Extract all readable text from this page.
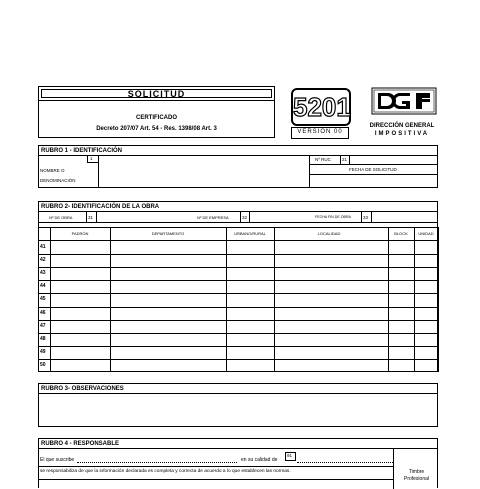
SOLICITUD
CERTIFICADO
Decreto 207/07 Art. 54 - Res. 1398/08 Art. 3
5201
VERSIÓN 00
DIRECCIÓN GENERAL
IMPOSITIVA
RUBRO 1 - IDENTIFICACIÓN
NOMBRE O
DENOMINACIÓN
1	Nº RUC 21
FECHA DE SOLICITUD
RUBRO 2- IDENTIFICACIÓN DE LA OBRA
Nº DE OBRA	31	Nº DE EMPRESA	32	FECHA FIN DE OBRA	33
PADRÓN	DEPARTAMENTO	URBANO/RURAL	LOCALIDAD	BLOCK	UNIDAD
41
42
43
44
45
46
47
48
49
50
RUBRO 3- OBSERVACIONES
RUBRO 4 - RESPONSABLE
El que suscribe	en su calidad de
91
se responsabiliza de que la información declarada es completa y correcta de acuerdo a lo que establecen las normas.	Timbre
Profesional
